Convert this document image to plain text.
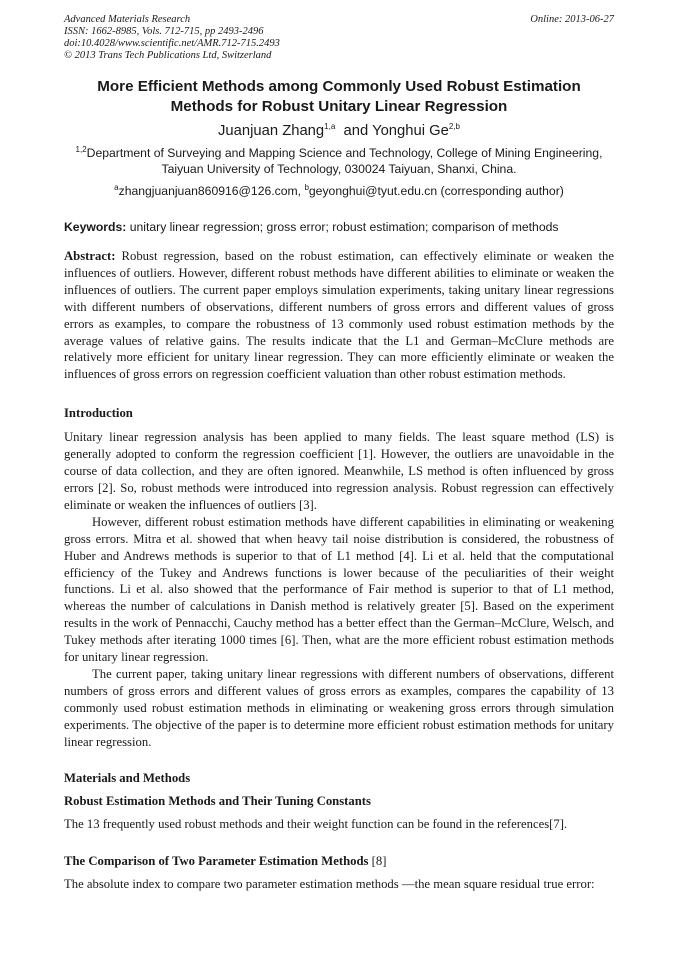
Advanced Materials Research
ISSN: 1662-8985, Vols. 712-715, pp 2493-2496
doi:10.4028/www.scientific.net/AMR.712-715.2493
© 2013 Trans Tech Publications Ltd, Switzerland
Online: 2013-06-27
More Efficient Methods among Commonly Used Robust Estimation Methods for Robust Unitary Linear Regression
Juanjuan Zhang$^{1,a}$ and Yonghui Ge$^{2,b}$
$^{1,2}$Department of Surveying and Mapping Science and Technology, College of Mining Engineering, Taiyuan University of Technology, 030024 Taiyuan, Shanxi, China.
$^a$zhangjuanjuan860916@126.com, $^b$geyonghui@tyut.edu.cn (corresponding author)
Keywords: unitary linear regression; gross error; robust estimation; comparison of methods
Abstract: Robust regression, based on the robust estimation, can effectively eliminate or weaken the influences of outliers. However, different robust methods have different abilities to eliminate or weaken the influences of outliers. The current paper employs simulation experiments, taking unitary linear regressions with different numbers of observations, different numbers of gross errors and different values of gross errors as examples, to compare the robustness of 13 commonly used robust estimation methods by the average values of relative gains. The results indicate that the L1 and German–McClure methods are relatively more efficient for unitary linear regression. They can more efficiently eliminate or weaken the influences of gross errors on regression coefficient valuation than other robust estimation methods.
Introduction

Unitary linear regression analysis has been applied to many fields. The least square method (LS) is generally adopted to conform the regression coefficient [1]. However, the outliers are unavoidable in the course of data collection, and they are often ignored. Meanwhile, LS method is often influenced by gross errors [2]. So, robust methods were introduced into regression analysis. Robust regression can effectively eliminate or weaken the influences of outliers [3].

However, different robust estimation methods have different capabilities in eliminating or weakening gross errors. Mitra et al. showed that when heavy tail noise distribution is considered, the robustness of Huber and Andrews methods is superior to that of L1 method [4]. Li et al. held that the computational efficiency of the Tukey and Andrews functions is lower because of the peculiarities of their weight functions. Li et al. also showed that the performance of Fair method is superior to that of L1 method, whereas the number of calculations in Danish method is relatively greater [5]. Based on the experiment results in the work of Pennacchi, Cauchy method has a better effect than the German–McClure, Welsch, and Tukey methods after iterating 1000 times [6]. Then, what are the more efficient robust estimation methods for unitary linear regression.

The current paper, taking unitary linear regressions with different numbers of observations, different numbers of gross errors and different values of gross errors as examples, compares the capability of 13 commonly used robust estimation methods in eliminating or weakening gross errors through simulation experiments. The objective of the paper is to determine more efficient robust estimation methods for unitary linear regression.

Materials and Methods
Robust Estimation Methods and Their Tuning Constants

The 13 frequently used robust methods and their weight function can be found in the references[7].

The Comparison of Two Parameter Estimation Methods [8]

The absolute index to compare two parameter estimation methods —the mean square residual true error:
